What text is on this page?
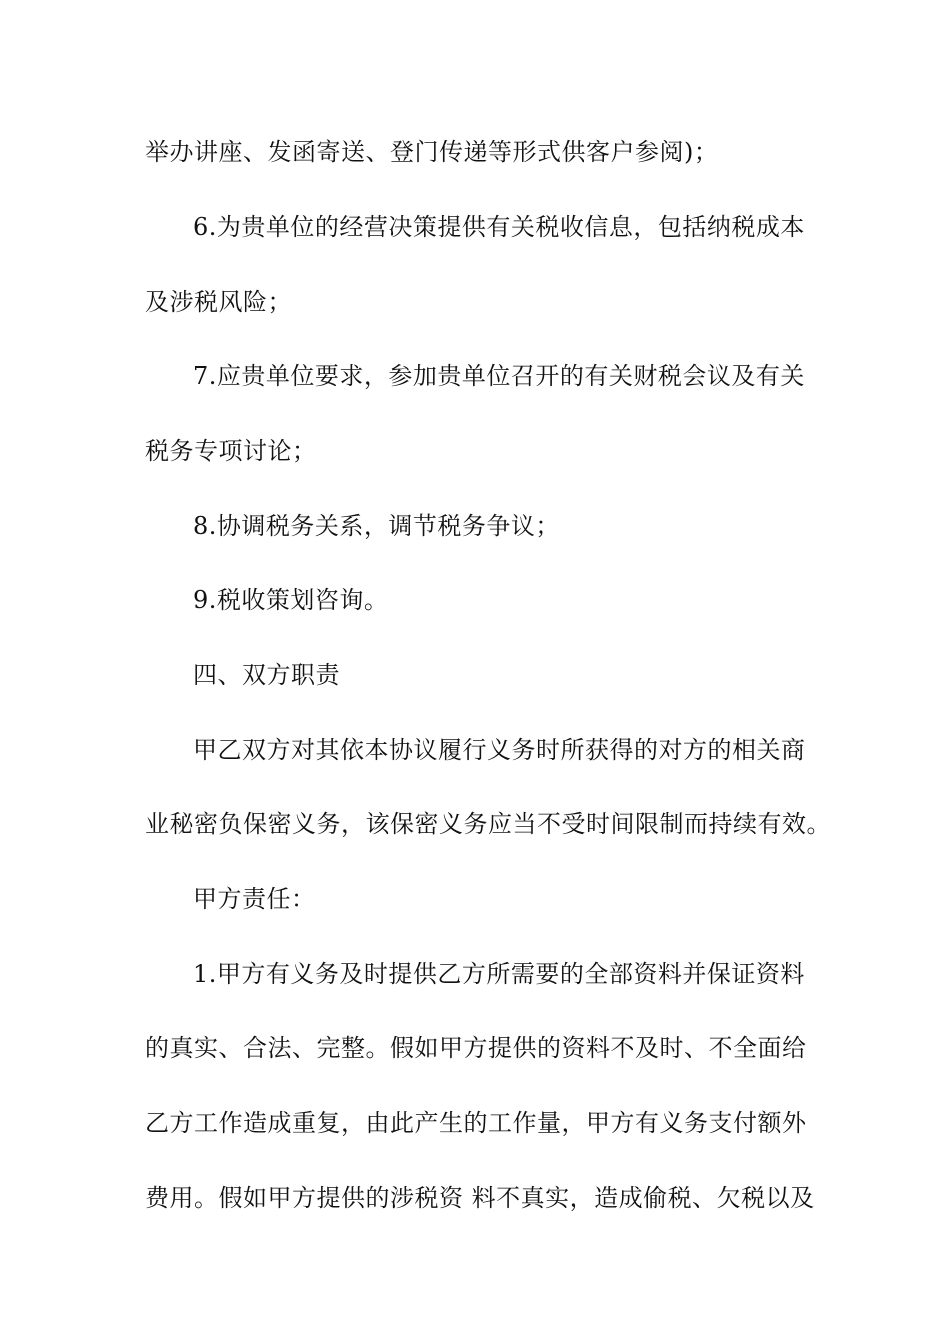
举办讲座、发函寄送、登门传递等形式供客户参阅)；
6.为贵单位的经营决策提供有关税收信息，包括纳税成本
及涉税风险；
7.应贵单位要求，参加贵单位召开的有关财税会议及有关
税务专项讨论；
8.协调税务关系，调节税务争议；
9.税收策划咨询。
四、双方职责
甲乙双方对其依本协议履行义务时所获得的对方的相关商
业秘密负保密义务，该保密义务应当不受时间限制而持续有效。
甲方责任：
1.甲方有义务及时提供乙方所需要的全部资料并保证资料
的真实、合法、完整。假如甲方提供的资料不及时、不全面给
乙方工作造成重复，由此产生的工作量，甲方有义务支付额外
费用。假如甲方提供的涉税资 料不真实，造成偷税、欠税以及
